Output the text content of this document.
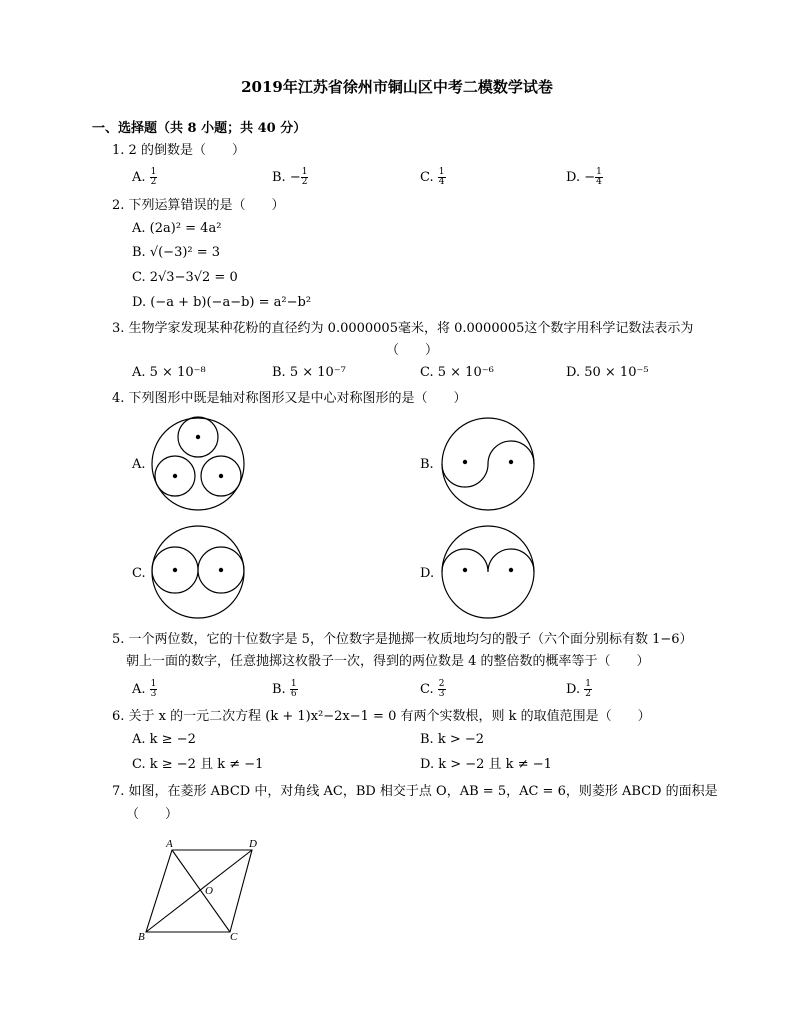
2019年江苏省徐州市铜山区中考二模数学试卷
一、选择题（共 8 小题；共 40 分）
1. 2 的倒数是（　　）
A. $\frac{1}{2}$	B. − $\frac{1}{2}$	C. $\frac{1}{4}$	D. − $\frac{1}{4}$
2. 下列运算错误的是（　　）
A. (2a)² = 4a²
B. √(−3)² = 3
C. 2√3−3√2 = 0
D. (−a + b)(−a−b) = a²−b²
3. 生物学家发现某种花粉的直径约为 0.0000005毫米，将 0.0000005这个数字用科学记数法表示为
（　　）
A. 5 × 10⁻⁸	B. 5 × 10⁻⁷	C. 5 × 10⁻⁶	D. 50 × 10⁻⁵
4. 下列图形中既是轴对称图形又是中心对称图形的是（　　）
A.	B.
C.	D.
5. 一个两位数，它的十位数字是 5，个位数字是抛掷一枚质地均匀的骰子（六个面分别标有数 1−6）
朝上一面的数字，任意抛掷这枚骰子一次，得到的两位数是 4 的整倍数的概率等于（　　）
A. $\frac{1}{3}$	B. $\frac{1}{6}$	C. $\frac{2}{3}$	D. $\frac{1}{2}$
6. 关于 x 的一元二次方程 (k + 1)x²−2x−1 = 0 有两个实数根，则 k 的取值范围是（　　）
A. k ≥ −2	B. k > −2
C. k ≥ −2 且 k ≠ −1	D. k > −2 且 k ≠ −1
7. 如图，在菱形 ABCD 中，对角线 AC，BD 相交于点 O，AB = 5，AC = 6，则菱形 ABCD 的面积是
（　　）
A	D
B	C
O
